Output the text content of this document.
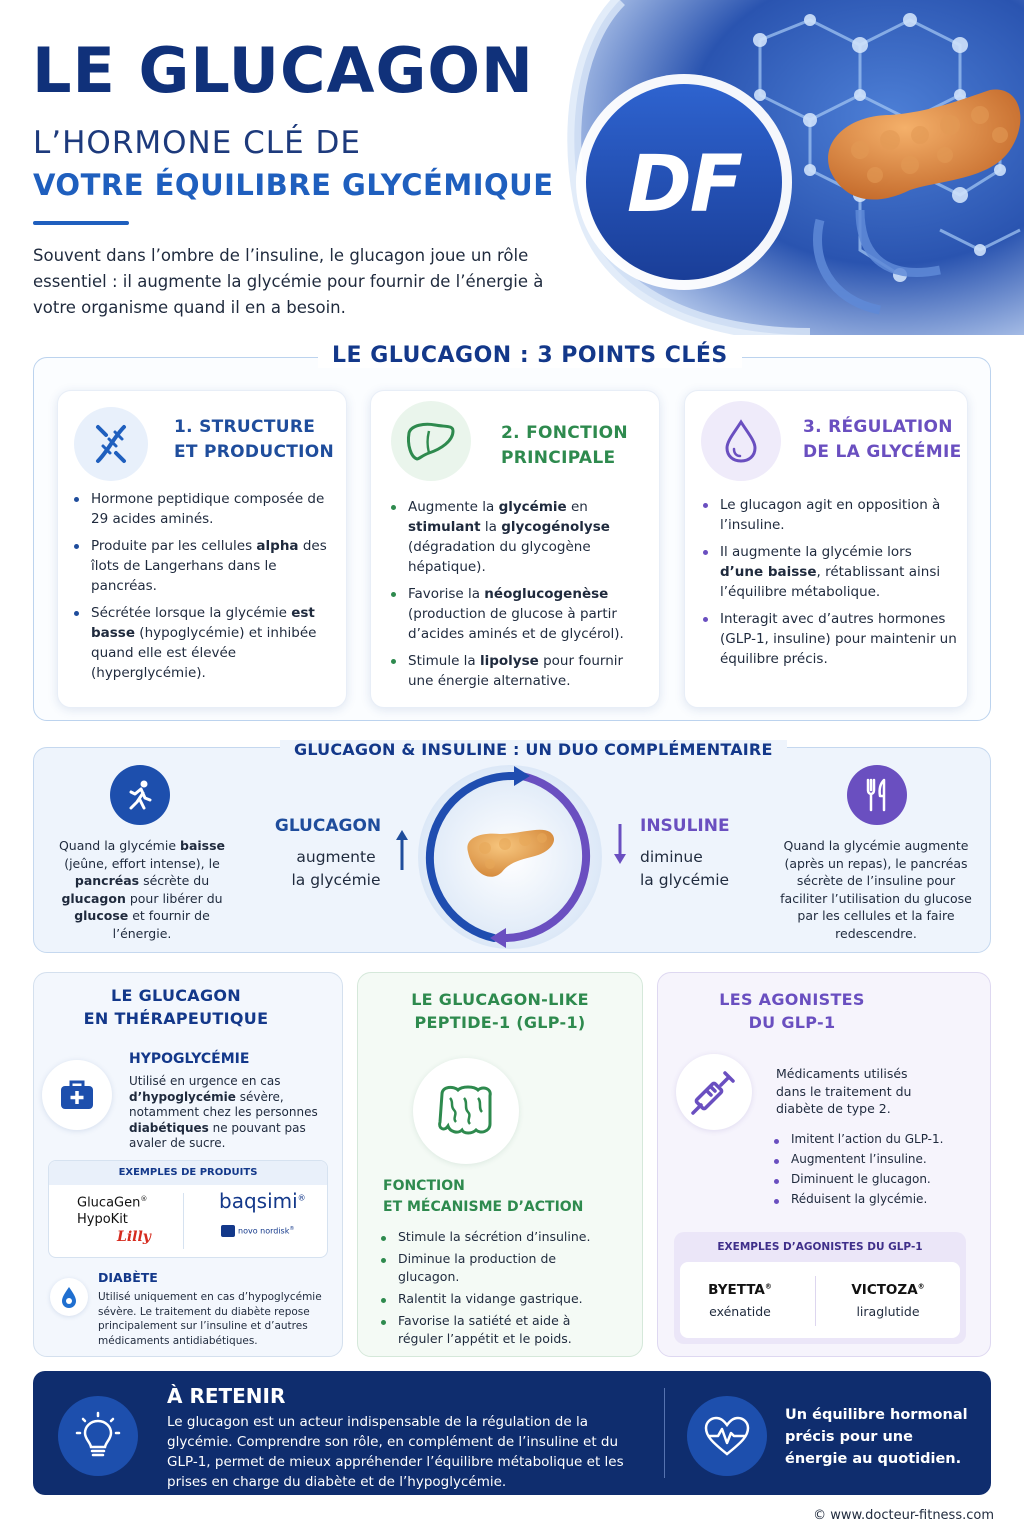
DF
LE GLUCAGON
L’HORMONE CLÉ DE
VOTRE ÉQUILIBRE GLYCÉMIQUE
Souvent dans l’ombre de l’insuline, le glucagon joue un rôle essentiel : il augmente la glycémie pour fournir de l’énergie à votre organisme quand il en a besoin.
LE GLUCAGON : 3 POINTS CLÉS
1. STRUCTURE
ET PRODUCTION
Hormone peptidique composée de 29 acides aminés.
Produite par les cellules alpha des îlots de Langerhans dans le pancréas.
Sécrétée lorsque la glycémie est basse (hypoglycémie) et inhibée quand elle est élevée (hyperglycémie).
2. FONCTION
PRINCIPALE
Augmente la glycémie en stimulant la glycogénolyse (dégradation du glycogène hépatique).
Favorise la néoglucogenèse (production de glucose à partir d’acides aminés et de glycérol).
Stimule la lipolyse pour fournir une énergie alternative.
3. RÉGULATION
DE LA GLYCÉMIE
Le glucagon agit en opposition à l’insuline.
Il augmente la glycémie lors d’une baisse, rétablissant ainsi l’équilibre métabolique.
Interagit avec d’autres hormones (GLP-1, insuline) pour maintenir un équilibre précis.
GLUCAGON & INSULINE : UN DUO COMPLÉMENTAIRE
Quand la glycémie baisse (jeûne, effort intense), le pancréas sécrète du glucagon pour libérer du glucose et fournir de l’énergie.
GLUCAGON
augmente
la glycémie
INSULINE
diminue
la glycémie
Quand la glycémie augmente (après un repas), le pancréas sécrète de l’insuline pour faciliter l’utilisation du glucose par les cellules et la faire redescendre.
LE GLUCAGON
EN THÉRAPEUTIQUE
HYPOGLYCÉMIE
Utilisé en urgence en cas d’hypoglycémie sévère, notamment chez les personnes diabétiques ne pouvant pas avaler de sucre.
EXEMPLES DE PRODUITS
GlucaGen®
HypoKit
Lilly
baqsimi®
novo nordisk®
DIABÈTE
Utilisé uniquement en cas d’hypoglycémie sévère. Le traitement du diabète repose principalement sur l’insuline et d’autres médicaments antidiabétiques.
LE GLUCAGON-LIKE
PEPTIDE-1 (GLP-1)
FONCTION
ET MÉCANISME D’ACTION
Stimule la sécrétion d’insuline.
Diminue la production de glucagon.
Ralentit la vidange gastrique.
Favorise la satiété et aide à réguler l’appétit et le poids.
LES AGONISTES
DU GLP-1
Médicaments utilisés dans le traitement du diabète de type 2.
Imitent l’action du GLP-1.
Augmentent l’insuline.
Diminuent le glucagon.
Réduisent la glycémie.
EXEMPLES D’AGONISTES DU GLP-1
BYETTA®
exénatide
VICTOZA®
liraglutide
À RETENIR
Le glucagon est un acteur indispensable de la régulation de la glycémie. Comprendre son rôle, en complément de l’insuline et du GLP-1, permet de mieux appréhender l’équilibre métabolique et les prises en charge du diabète et de l’hypoglycémie.
Un équilibre hormonal précis pour une énergie au quotidien.
© www.docteur-fitness.com
